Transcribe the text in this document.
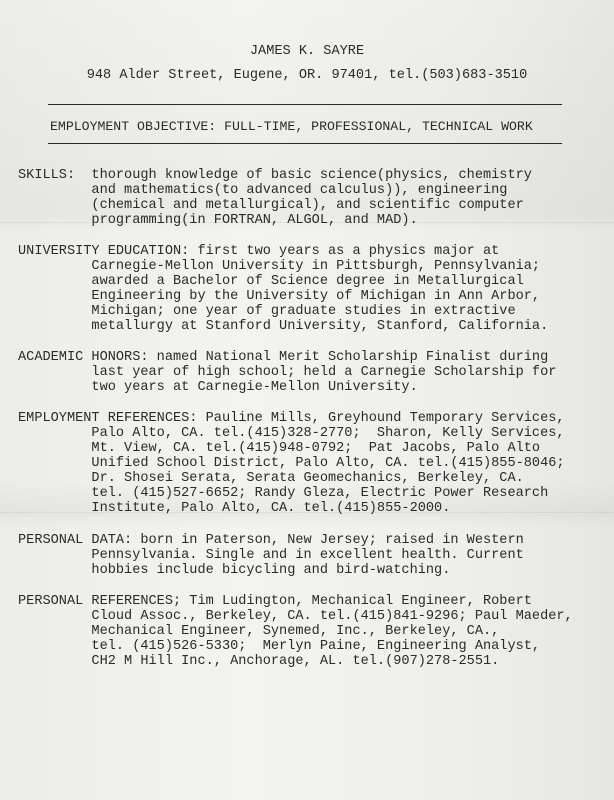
JAMES K. SAYRE
948 Alder Street, Eugene, OR. 97401, tel.(503)683-3510
EMPLOYMENT OBJECTIVE: FULL-TIME, PROFESSIONAL, TECHNICAL WORK
SKILLS:  thorough knowledge of basic science(physics, chemistry
and mathematics(to advanced calculus)), engineering
(chemical and metallurgical), and scientific computer
programming(in FORTRAN, ALGOL, and MAD).
UNIVERSITY EDUCATION: first two years as a physics major at
Carnegie-Mellon University in Pittsburgh, Pennsylvania;
awarded a Bachelor of Science degree in Metallurgical
Engineering by the University of Michigan in Ann Arbor,
Michigan; one year of graduate studies in extractive
metallurgy at Stanford University, Stanford, California.
ACADEMIC HONORS: named National Merit Scholarship Finalist during
last year of high school; held a Carnegie Scholarship for
two years at Carnegie-Mellon University.
EMPLOYMENT REFERENCES: Pauline Mills, Greyhound Temporary Services,
Palo Alto, CA. tel.(415)328-2770;  Sharon, Kelly Services,
Mt. View, CA. tel.(415)948-0792;  Pat Jacobs, Palo Alto
Unified School District, Palo Alto, CA. tel.(415)855-8046;
Dr. Shosei Serata, Serata Geomechanics, Berkeley, CA.
tel. (415)527-6652; Randy Gleza, Electric Power Research
Institute, Palo Alto, CA. tel.(415)855-2000.
PERSONAL DATA: born in Paterson, New Jersey; raised in Western
Pennsylvania. Single and in excellent health. Current
hobbies include bicycling and bird-watching.
PERSONAL REFERENCES; Tim Ludington, Mechanical Engineer, Robert
Cloud Assoc., Berkeley, CA. tel.(415)841-9296; Paul Maeder,
Mechanical Engineer, Synemed, Inc., Berkeley, CA.,
tel. (415)526-5330;  Merlyn Paine, Engineering Analyst,
CH2 M Hill Inc., Anchorage, AL. tel.(907)278-2551.
